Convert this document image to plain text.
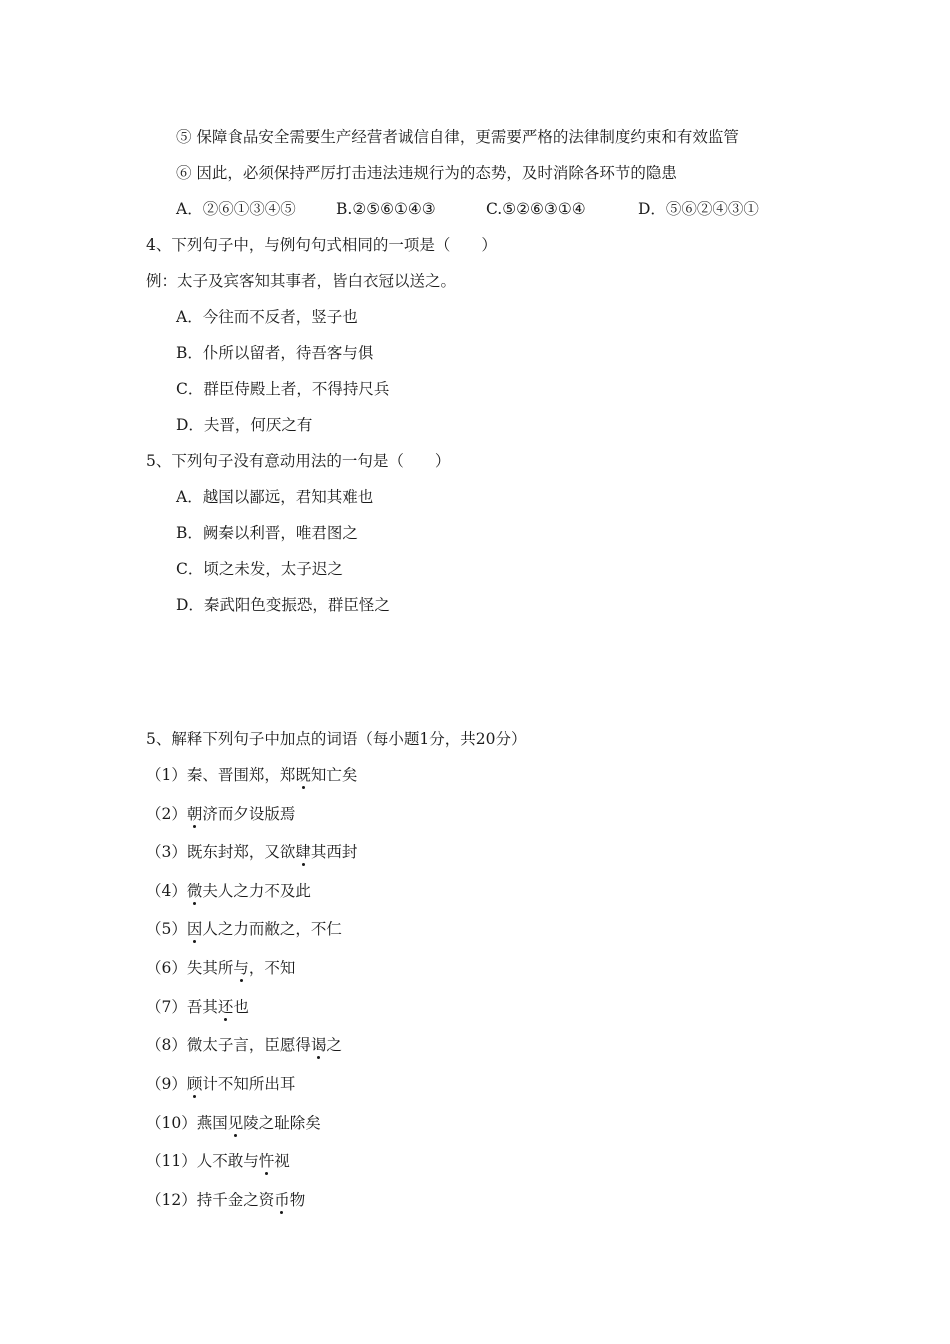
⑤ 保障食品安全需要生产经营者诚信自律，更需要严格的法律制度约束和有效监管
⑥ 因此，必须保持严厉打击违法违规行为的态势，及时消除各环节的隐患
A．②⑥①③④⑤	B.②⑤⑥①④③	C.⑤②⑥③①④	D．⑤⑥②④③①
4、下列句子中，与例句句式相同的一项是（　　）
例：太子及宾客知其事者，皆白衣冠以送之。
A．今往而不反者，竖子也
B．仆所以留者，待吾客与俱
C．群臣侍殿上者，不得持尺兵
D．夫晋，何厌之有
5、下列句子没有意动用法的一句是（　　）
A．越国以鄙远，君知其难也
B．阙秦以利晋，唯君图之
C．顷之未发，太子迟之
D．秦武阳色变振恐，群臣怪之
5、解释下列句子中加点的词语（每小题1分，共20分）
（1）秦、晋围郑，郑既知亡矣
（2）朝济而夕设版焉
（3）既东封郑，又欲肆其西封
（4）微夫人之力不及此
（5）因人之力而敝之，不仁
（6）失其所与，不知
（7）吾其还也
（8）微太子言，臣愿得谒之
（9）顾计不知所出耳
（10）燕国见陵之耻除矣
（11）人不敢与忤视
（12）持千金之资币物
